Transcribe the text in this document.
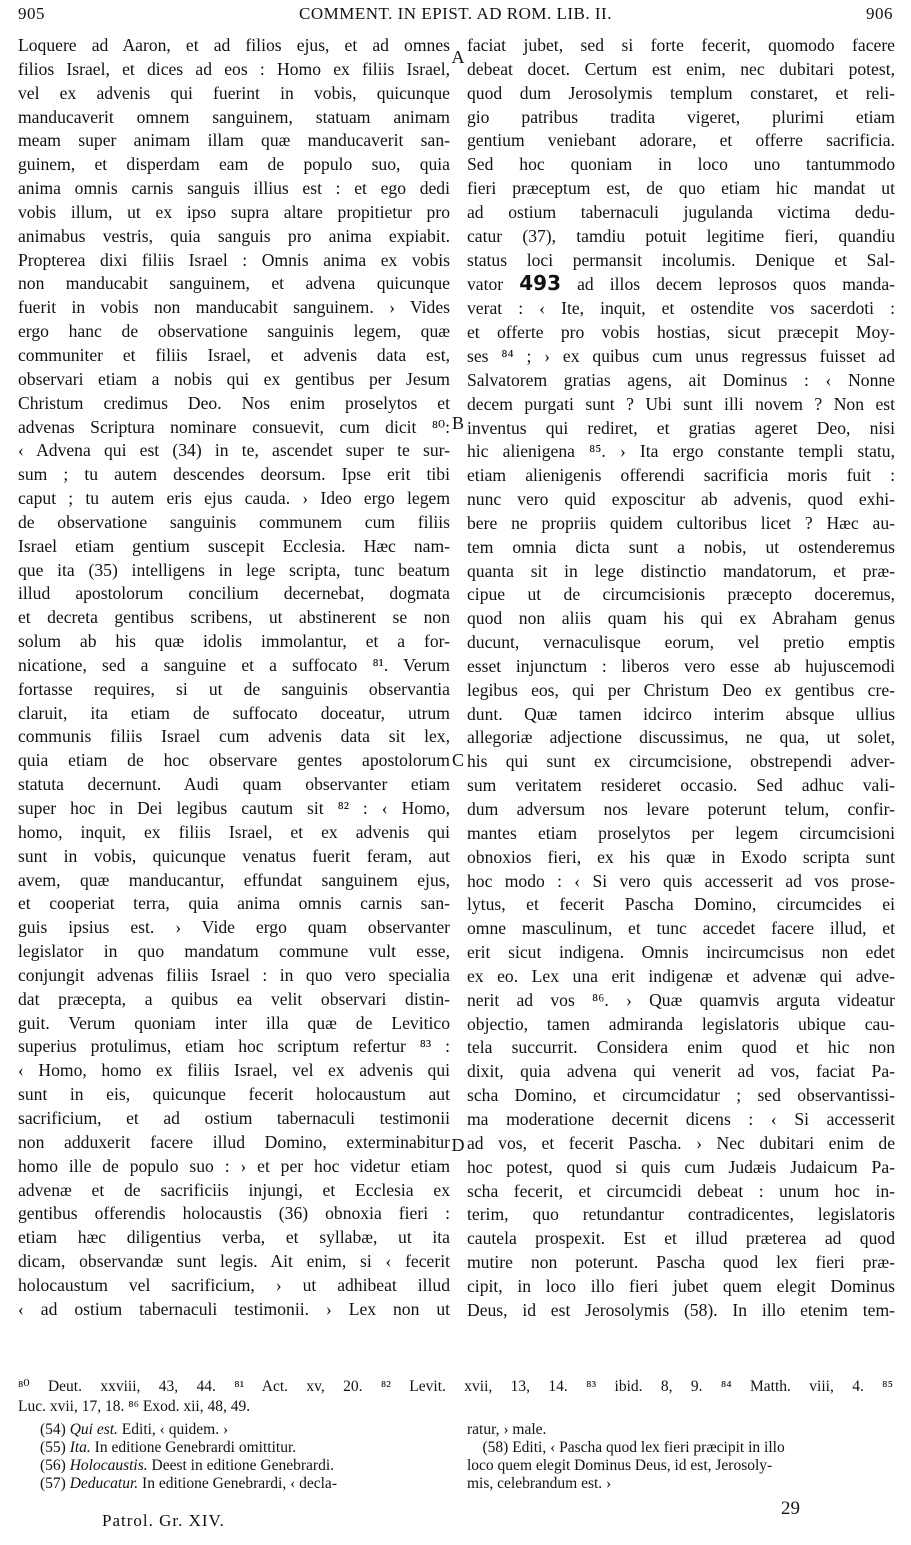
905	COMMENT. IN EPIST. AD ROM. LIB. II.	906
Loquere ad Aaron, et ad filios ejus, et ad omnes
filios Israel, et dices ad eos : Homo ex filiis Israel,
vel ex advenis qui fuerint in vobis, quicunque
manducaverit omnem sanguinem, statuam animam
meam super animam illam quæ manducaverit san-
guinem, et disperdam eam de populo suo, quia
anima omnis carnis sanguis illius est : et ego dedi
vobis illum, ut ex ipso supra altare propitietur pro
animabus vestris, quia sanguis pro anima expiabit.
Propterea dixi filiis Israel : Omnis anima ex vobis
non manducabit sanguinem, et advena quicunque
fuerit in vobis non manducabit sanguinem. › Vides
ergo hanc de observatione sanguinis legem, quæ
communiter et filiis Israel, et advenis data est,
observari etiam a nobis qui ex gentibus per Jesum
Christum credimus Deo. Nos enim proselytos et
advenas Scriptura nominare consuevit, cum dicit ⁸⁰:
‹ Advena qui est (34) in te, ascendet super te sur-
sum ; tu autem descendes deorsum. Ipse erit tibi
caput ; tu autem eris ejus cauda. › Ideo ergo legem
de observatione sanguinis communem cum filiis
Israel etiam gentium suscepit Ecclesia. Hæc nam-
que ita (35) intelligens in lege scripta, tunc beatum
illud apostolorum concilium decernebat, dogmata
et decreta gentibus scribens, ut abstinerent se non
solum ab his quæ idolis immolantur, et a for-
nicatione, sed a sanguine et a suffocato ⁸¹. Verum
fortasse requires, si ut de sanguinis observantia
claruit, ita etiam de suffocato doceatur, utrum
communis filiis Israel cum advenis data sit lex,
quia etiam de hoc observare gentes apostolorum
statuta decernunt. Audi quam observanter etiam
super hoc in Dei legibus cautum sit ⁸² : ‹ Homo,
homo, inquit, ex filiis Israel, et ex advenis qui
sunt in vobis, quicunque venatus fuerit feram, aut
avem, quæ manducantur, effundat sanguinem ejus,
et cooperiat terra, quia anima omnis carnis san-
guis ipsius est. › Vide ergo quam observanter
legislator in quo mandatum commune vult esse,
conjungit advenas filiis Israel : in quo vero specialia
dat præcepta, a quibus ea velit observari distin-
guit. Verum quoniam inter illa quæ de Levitico
superius protulimus, etiam hoc scriptum refertur ⁸³ :
‹ Homo, homo ex filiis Israel, vel ex advenis qui
sunt in eis, quicunque fecerit holocaustum aut
sacrificium, et ad ostium tabernaculi testimonii
non adduxerit facere illud Domino, exterminabitur
homo ille de populo suo : › et per hoc videtur etiam
advenæ et de sacrificiis injungi, et Ecclesia ex
gentibus offerendis holocaustis (36) obnoxia fieri :
etiam hæc diligentius verba, et syllabæ, ut ita
dicam, observandæ sunt legis. Ait enim, si ‹ fecerit
holocaustum vel sacrificium, › ut adhibeat illud
‹ ad ostium tabernaculi testimonii. › Lex non ut
faciat jubet, sed si forte fecerit, quomodo facere
debeat docet. Certum est enim, nec dubitari potest,
quod dum Jerosolymis templum constaret, et reli-
gio patribus tradita vigeret, plurimi etiam
gentium veniebant adorare, et offerre sacrificia.
Sed hoc quoniam in loco uno tantummodo
fieri præceptum est, de quo etiam hic mandat ut
ad ostium tabernaculi jugulanda victima dedu-
catur (37), tamdiu potuit legitime fieri, quandiu
status loci permansit incolumis. Denique et Sal-
vator 493 ad illos decem leprosos quos manda-
verat : ‹ Ite, inquit, et ostendite vos sacerdoti :
et offerte pro vobis hostias, sicut præcepit Moy-
ses ⁸⁴ ; › ex quibus cum unus regressus fuisset ad
Salvatorem gratias agens, ait Dominus : ‹ Nonne
decem purgati sunt ? Ubi sunt illi novem ? Non est
inventus qui rediret, et gratias ageret Deo, nisi
hic alienigena ⁸⁵. › Ita ergo constante templi statu,
etiam alienigenis offerendi sacrificia moris fuit :
nunc vero quid exposcitur ab advenis, quod exhi-
bere ne propriis quidem cultoribus licet ? Hæc au-
tem omnia dicta sunt a nobis, ut ostenderemus
quanta sit in lege distinctio mandatorum, et præ-
cipue ut de circumcisionis præcepto doceremus,
quod non aliis quam his qui ex Abraham genus
ducunt, vernaculisque eorum, vel pretio emptis
esset injunctum : liberos vero esse ab hujuscemodi
legibus eos, qui per Christum Deo ex gentibus cre-
dunt. Quæ tamen idcirco interim absque ullius
allegoriæ adjectione discussimus, ne qua, ut solet,
his qui sunt ex circumcisione, obstrependi adver-
sum veritatem resideret occasio. Sed adhuc vali-
dum adversum nos levare poterunt telum, confir-
mantes etiam proselytos per legem circumcisioni
obnoxios fieri, ex his quæ in Exodo scripta sunt
hoc modo : ‹ Si vero quis accesserit ad vos prose-
lytus, et fecerit Pascha Domino, circumcides ei
omne masculinum, et tunc accedet facere illud, et
erit sicut indigena. Omnis incircumcisus non edet
ex eo. Lex una erit indigenæ et advenæ qui adve-
nerit ad vos ⁸⁶. › Quæ quamvis arguta videatur
objectio, tamen admiranda legislatoris ubique cau-
tela succurrit. Considera enim quod et hic non
dixit, quia advena qui venerit ad vos, faciat Pa-
scha Domino, et circumcidatur ; sed observantissi-
ma moderatione decernit dicens : ‹ Si accesserit
ad vos, et fecerit Pascha. › Nec dubitari enim de
hoc potest, quod si quis cum Judæis Judaicum Pa-
scha fecerit, et circumcidi debeat : unum hoc in-
terim, quo retundantur contradicentes, legislatoris
cautela prospexit. Est et illud præterea ad quod
mutire non poterunt. Pascha quod lex fieri præ-
cipit, in loco illo fieri jubet quem elegit Dominus
Deus, id est Jerosolymis (58). In illo etenim tem-
A
B
C
D
⁸⁰ Deut. xxviii, 43, 44. ⁸¹ Act. xv, 20. ⁸² Levit. xvii, 13, 14. ⁸³ ibid. 8, 9. ⁸⁴ Matth. viii, 4. ⁸⁵
Luc. xvii, 17, 18. ⁸⁶ Exod. xii, 48, 49.
(54) Qui est. Editi, ‹ quidem. ›
(55) Ita. In editione Genebrardi omittitur.
(56) Holocaustis. Deest in editione Genebrardi.
(57) Deducatur. In editione Genebrardi, ‹ decla-
ratur, › male.
(58) Editi, ‹ Pascha quod lex fieri præcipit in illo
loco quem elegit Dominus Deus, id est, Jerosoly-
mis, celebrandum est. ›
Patrol. Gr. XIV.
29
